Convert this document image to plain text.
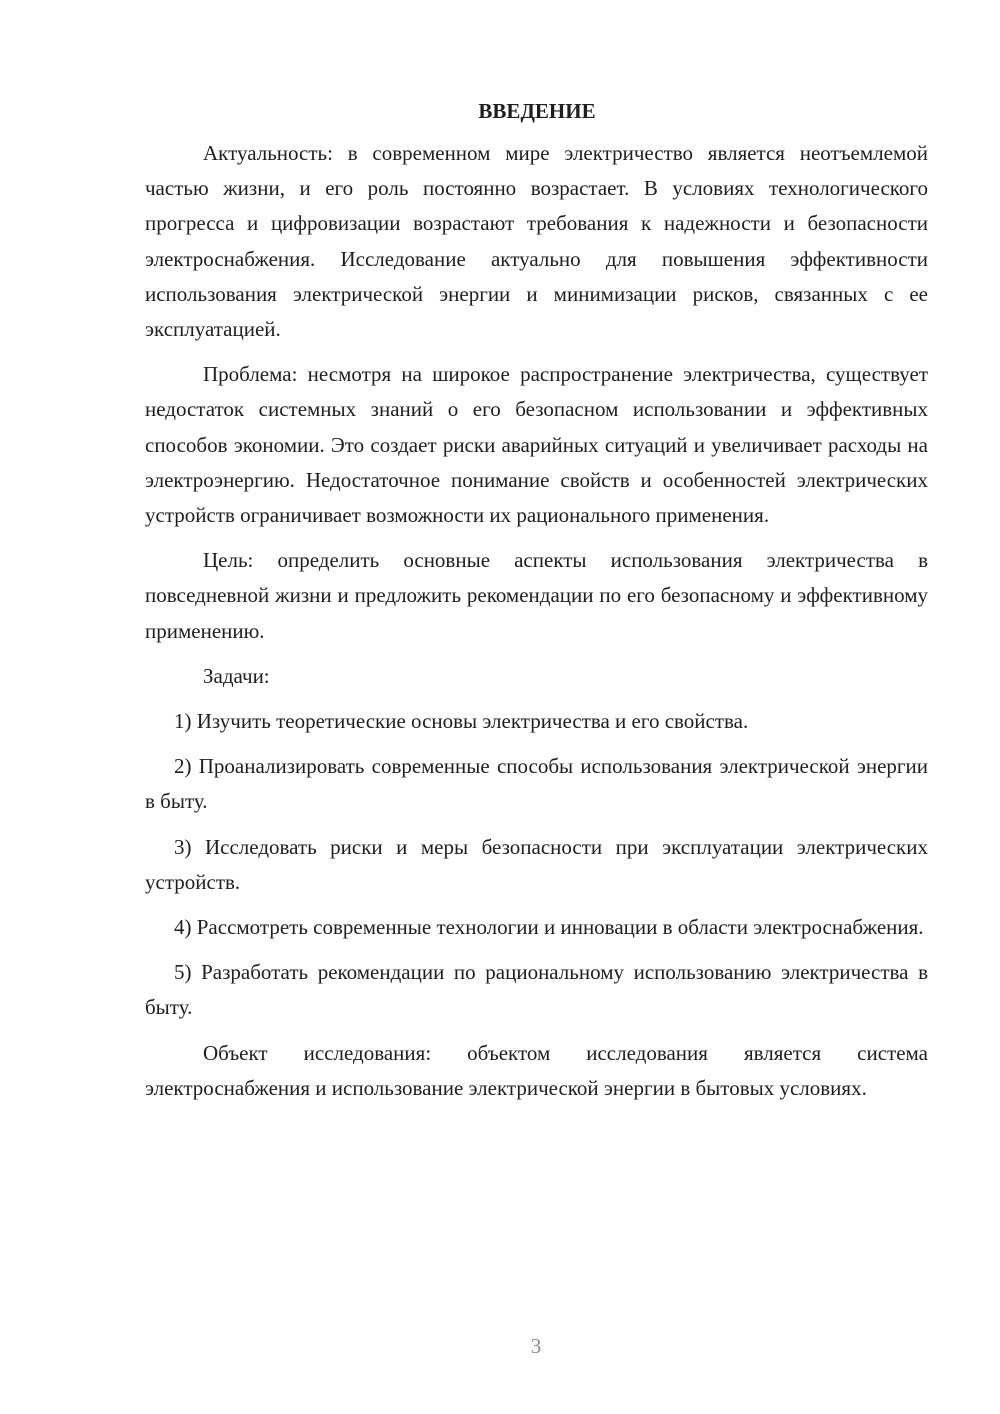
ВВЕДЕНИЕ

Актуальность: в современном мире электричество является неотъемлемой частью жизни, и его роль постоянно возрастает. В условиях технологического прогресса и цифровизации возрастают требования к надежности и безопасности электроснабжения. Исследование актуально для повышения эффективности использования электрической энергии и минимизации рисков, связанных с ее эксплуатацией.

Проблема: несмотря на широкое распространение электричества, существует недостаток системных знаний о его безопасном использовании и эффективных способов экономии. Это создает риски аварийных ситуаций и увеличивает расходы на электроэнергию. Недостаточное понимание свойств и особенностей электрических устройств ограничивает возможности их рационального применения.

Цель: определить основные аспекты использования электричества в повседневной жизни и предложить рекомендации по его безопасному и эффективному применению.

Задачи:

1) Изучить теоретические основы электричества и его свойства.

2) Проанализировать современные способы использования электрической энергии в быту.

3) Исследовать риски и меры безопасности при эксплуатации электрических устройств.

4) Рассмотреть современные технологии и инновации в области электроснабжения.

5) Разработать рекомендации по рациональному использованию электричества в быту.

Объект исследования: объектом исследования является система электроснабжения и использование электрической энергии в бытовых условиях.

3
